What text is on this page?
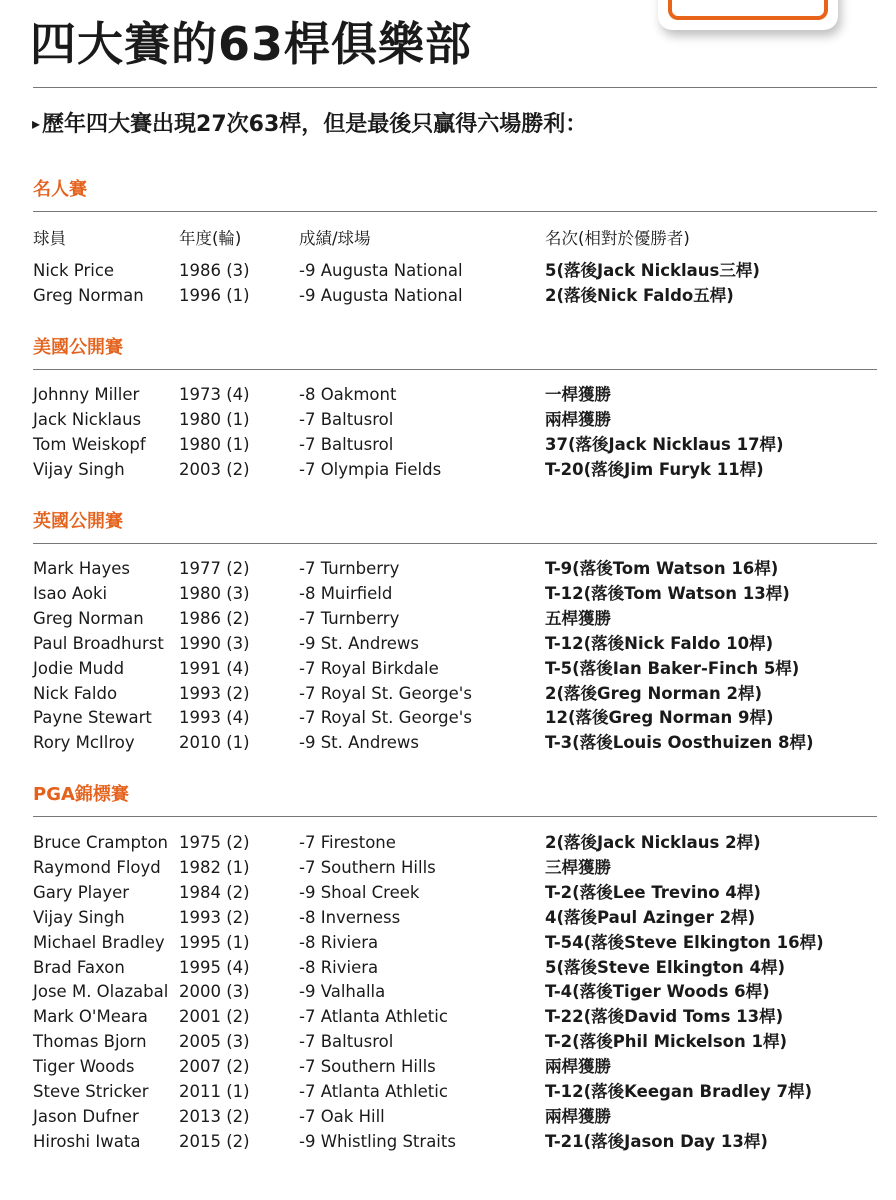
四大賽的63桿俱樂部
▸歷年四大賽出現27次63桿，但是最後只贏得六場勝利：
名人賽
球員	年度(輪)	成績/球場	名次(相對於優勝者)
Nick Price	1986 (3)	-9 Augusta National	5(落後Jack Nicklaus三桿)
Greg Norman 1996 (1)	-9 Augusta National	2(落後Nick Faldo五桿)
美國公開賽
Johnny Miller 1973 (4)	-8 Oakmont	一桿獲勝
Jack Nicklaus 1980 (1)	-7 Baltusrol	兩桿獲勝
Tom Weiskopf 1980 (1)	-7 Baltusrol	37(落後Jack Nicklaus 17桿)
Vijay Singh	2003 (2)	-7 Olympia Fields	T-20(落後Jim Furyk 11桿)
英國公開賽
Mark Hayes	1977 (2)	-7 Turnberry	T-9(落後Tom Watson 16桿)
Isao Aoki	1980 (3)	-8 Muirfield	T-12(落後Tom Watson 13桿)
Greg Norman 1986 (2)	-7 Turnberry	五桿獲勝
Paul Broadhurst 1990 (3)	-9 St. Andrews	T-12(落後Nick Faldo 10桿)
Jodie Mudd	1991 (4)	-7 Royal Birkdale	T-5(落後Ian Baker-Finch 5桿)
Nick Faldo	1993 (2)	-7 Royal St. George's	2(落後Greg Norman 2桿)
Payne Stewart 1993 (4)	-7 Royal St. George's	12(落後Greg Norman 9桿)
Rory McIlroy	2010 (1)	-9 St. Andrews	T-3(落後Louis Oosthuizen 8桿)
PGA錦標賽
Bruce Crampton 1975 (2)	-7 Firestone	2(落後Jack Nicklaus 2桿)
Raymond Floyd 1982 (1)	-7 Southern Hills	三桿獲勝
Gary Player	1984 (2)	-9 Shoal Creek	T-2(落後Lee Trevino 4桿)
Vijay Singh	1993 (2)	-8 Inverness	4(落後Paul Azinger 2桿)
Michael Bradley 1995 (1)	-8 Riviera	T-54(落後Steve Elkington 16桿)
Brad Faxon	1995 (4)	-8 Riviera	5(落後Steve Elkington 4桿)
Jose M. Olazabal 2000 (3)	-9 Valhalla	T-4(落後Tiger Woods 6桿)
Mark O'Meara 2001 (2)	-7 Atlanta Athletic	T-22(落後David Toms 13桿)
Thomas Bjorn 2005 (3)	-7 Baltusrol	T-2(落後Phil Mickelson 1桿)
Tiger Woods	2007 (2)	-7 Southern Hills	兩桿獲勝
Steve Stricker 2011 (1)	-7 Atlanta Athletic	T-12(落後Keegan Bradley 7桿)
Jason Dufner 2013 (2)	-7 Oak Hill	兩桿獲勝
Hiroshi Iwata 2015 (2)	-9 Whistling Straits	T-21(落後Jason Day 13桿)
